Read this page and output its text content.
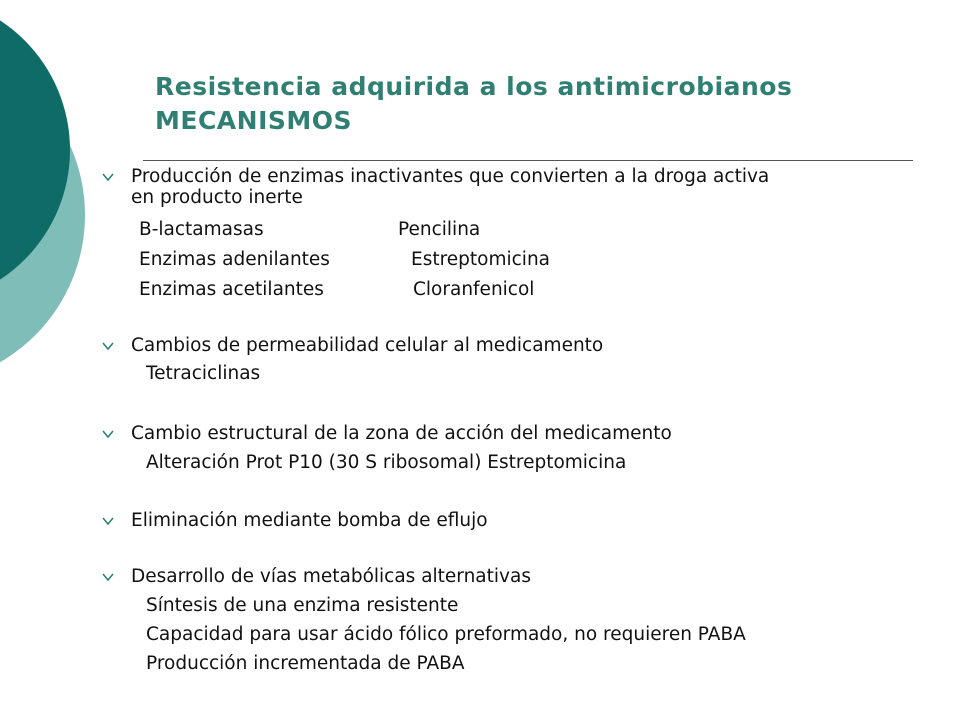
Resistencia adquirida a los antimicrobianos
MECANISMOS
Producción de enzimas inactivantes que convierten a la droga activa
en producto inerte
B-lactamasas	Pencilina
Enzimas adenilantes	Estreptomicina
Enzimas acetilantes	Cloranfenicol
Cambios de permeabilidad celular al medicamento
Tetraciclinas
Cambio estructural de la zona de acción del medicamento
Alteración Prot P10 (30 S ribosomal) Estreptomicina
Eliminación mediante bomba de eflujo
Desarrollo de vías metabólicas alternativas
Síntesis de una enzima resistente
Capacidad para usar ácido fólico preformado, no requieren PABA
Producción incrementada de PABA
